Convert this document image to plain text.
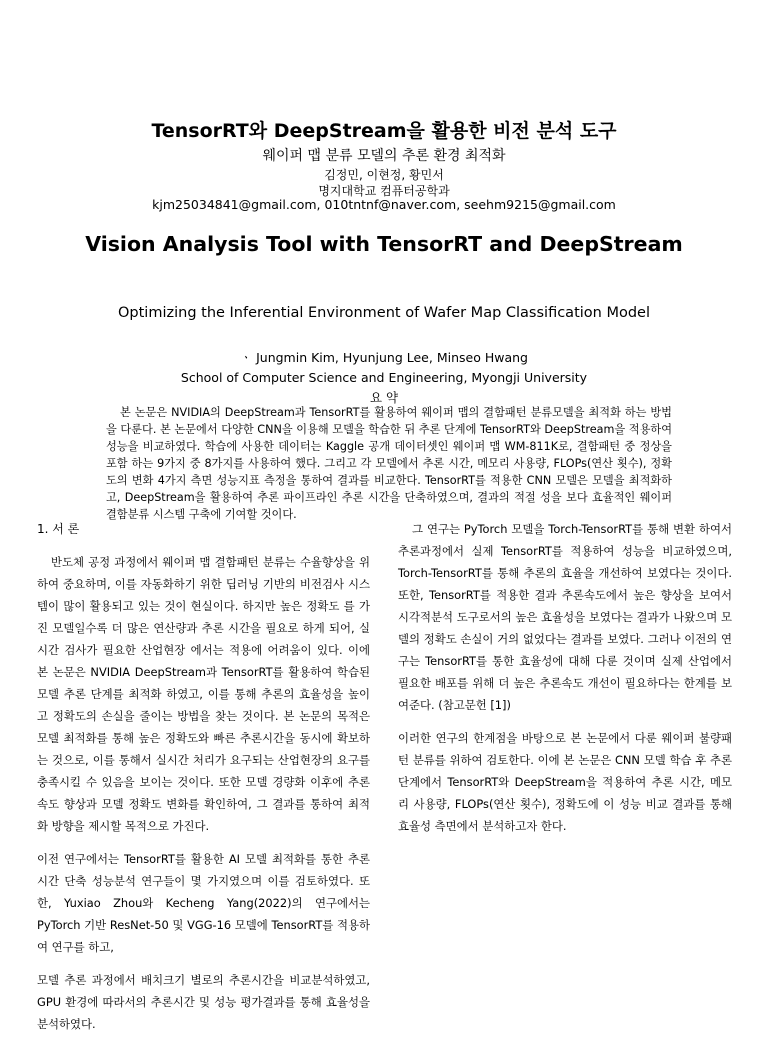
TensorRT와 DeepStream을 활용한 비전 분석 도구
웨이퍼 맵 분류 모델의 추론 환경 최적화
김정민, 이현정, 황민서
명지대학교 컴퓨터공학과
kjm25034841@gmail.com, 010tntnf@naver.com, seehm9215@gmail.com
Vision Analysis Tool with TensorRT and DeepStream
Optimizing the Inferential Environment of Wafer Map Classification Model
ㆍ Jungmin Kim, Hyunjung Lee, Minseo Hwang
School of Computer Science and Engineering, Myongji University
요 약
본 논문은 NVIDIA의 DeepStream과 TensorRT를 활용하여 웨이퍼 맵의 결함패턴 분류모델을 최적화 하는 방법을 다룬다. 본 논문에서 다양한 CNN을 이용해 모델을 학습한 뒤 추론 단계에 TensorRT와 DeepStream을 적용하여 성능을 비교하였다. 학습에 사용한 데이터는 Kaggle 공개 데이터셋인 웨이퍼 맵 WM-811K로, 결함패턴 중 정상을 포함 하는 9가지 중 8가지를 사용하여 했다. 그리고 각 모델에서 추론 시간, 메모리 사용량, FLOPs(연산 횟수), 정확도의 변화 4가지 측면 성능지표 측정을 통하여 결과를 비교한다. TensorRT를 적용한 CNN 모델은 모델을 최적화하고, DeepStream을 활용하여 추론 파이프라인 추론 시간을 단축하였으며, 결과의 적절 성을 보다 효율적인 웨이퍼 결함분류 시스템 구축에 기여할 것이다.

1. 서 론

반도체 공정 과정에서 웨이퍼 맵 결함패턴 분류는 수율향상을 위하여 중요하며, 이를 자동화하기 위한 딥러닝 기반의 비전검사 시스템이 많이 활용되고 있는 것이 현실이다. 하지만 높은 정확도 를 가진 모델일수록 더 많은 연산량과 추론 시간을 필요로 하게 되어, 실시간 검사가 필요한 산업현장 에서는 적용에 어려움이 있다. 이에 본 논문은 NVIDIA DeepStream과 TensorRT를 활용하여 학습된 모델 추론 단계를 최적화 하였고, 이를 통해 추론의 효율성을 높이고 정확도의 손실을 줄이는 방법을 찾는 것이다. 본 논문의 목적은 모델 최적화를 통해 높은 정확도와 빠른 추론시간을 동시에 확보하는 것으로, 이를 통해서 실시간 처리가 요구되는 산업현장의 요구를 충족시킬 수 있음을 보이는 것이다. 또한 모델 경량화 이후에 추론속도 향상과 모델 정확도 변화를 확인하여, 그 결과를 통하여 최적화 방향을 제시할 목적으로 가진다.

이전 연구에서는 TensorRT를 활용한 AI 모델 최적화를 통한 추론 시간 단축 성능분석 연구들이 몇 가지였으며 이를 검토하였다. 또한, Yuxiao Zhou와 Kecheng Yang(2022)의 연구에서는 PyTorch 기반 ResNet-50 및 VGG-16 모델에 TensorRT를 적용하여 연구를 하고,

모델 추론 과정에서 배치크기 별로의 추론시간을 비교분석하였고, GPU 환경에 따라서의 추론시간 및 성능 평가결과를 통해 효율성을 분석하였다.

그 연구는 PyTorch 모델을 Torch-TensorRT를 통해 변환 하여서 추론과정에서 실제 TensorRT를 적용하여 성능을 비교하였으며, Torch-TensorRT를 통해 추론의 효율을 개선하여 보였다는 것이다. 또한, TensorRT를 적용한 결과 추론속도에서 높은 향상을 보여서 시각적분석 도구로서의 높은 효율성을 보였다는 결과가 나왔으며 모델의 정확도 손실이 거의 없었다는 결과를 보였다. 그러나 이전의 연구는 TensorRT를 통한 효율성에 대해 다룬 것이며 실제 산업에서 필요한 배포를 위해 더 높은 추론속도 개선이 필요하다는 한계를 보여준다. (참고문헌 [1])

이러한 연구의 한계점을 바탕으로 본 논문에서 다룬 웨이퍼 불량패턴 분류를 위하여 검토한다. 이에 본 논문은 CNN 모델 학습 후 추론 단계에서 TensorRT와 DeepStream을 적용하여 추론 시간, 메모리 사용량, FLOPs(연산 횟수), 정확도에 이 성능 비교 결과를 통해 효율성 측면에서 분석하고자 한다.
